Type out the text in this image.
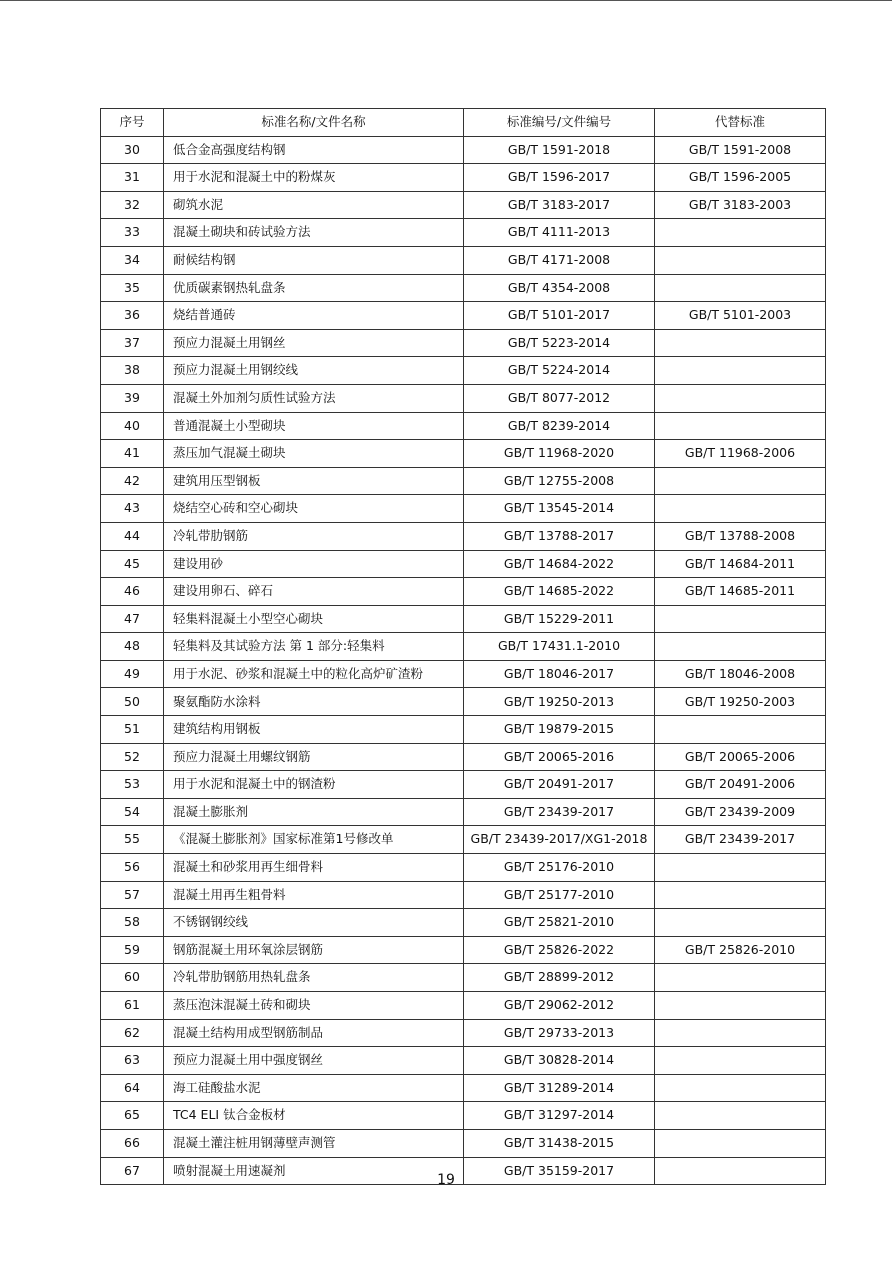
序号	标准名称/文件名称	标准编号/文件编号	代替标准
30	低合金高强度结构钢	GB/T 1591-2018	GB/T 1591-2008
31	用于水泥和混凝土中的粉煤灰	GB/T 1596-2017	GB/T 1596-2005
32	砌筑水泥	GB/T 3183-2017	GB/T 3183-2003
33	混凝土砌块和砖试验方法	GB/T 4111-2013	
34	耐候结构钢	GB/T 4171-2008	
35	优质碳素钢热轧盘条	GB/T 4354-2008	
36	烧结普通砖	GB/T 5101-2017	GB/T 5101-2003
37	预应力混凝土用钢丝	GB/T 5223-2014	
38	预应力混凝土用钢绞线	GB/T 5224-2014	
39	混凝土外加剂匀质性试验方法	GB/T 8077-2012	
40	普通混凝土小型砌块	GB/T 8239-2014	
41	蒸压加气混凝土砌块	GB/T 11968-2020	GB/T 11968-2006
42	建筑用压型钢板	GB/T 12755-2008	
43	烧结空心砖和空心砌块	GB/T 13545-2014	
44	冷轧带肋钢筋	GB/T 13788-2017	GB/T 13788-2008
45	建设用砂	GB/T 14684-2022	GB/T 14684-2011
46	建设用卵石、碎石	GB/T 14685-2022	GB/T 14685-2011
47	轻集料混凝土小型空心砌块	GB/T 15229-2011	
48	轻集料及其试验方法 第 1 部分:轻集料	GB/T 17431.1-2010	
49	用于水泥、砂浆和混凝土中的粒化高炉矿渣粉	GB/T 18046-2017	GB/T 18046-2008
50	聚氨酯防水涂料	GB/T 19250-2013	GB/T 19250-2003
51	建筑结构用钢板	GB/T 19879-2015	
52	预应力混凝土用螺纹钢筋	GB/T 20065-2016	GB/T 20065-2006
53	用于水泥和混凝土中的钢渣粉	GB/T 20491-2017	GB/T 20491-2006
54	混凝土膨胀剂	GB/T 23439-2017	GB/T 23439-2009
55	《混凝土膨胀剂》国家标准第1号修改单	GB/T 23439-2017/XG1-2018	GB/T 23439-2017
56	混凝土和砂浆用再生细骨料	GB/T 25176-2010	
57	混凝土用再生粗骨料	GB/T 25177-2010	
58	不锈钢钢绞线	GB/T 25821-2010	
59	钢筋混凝土用环氧涂层钢筋	GB/T 25826-2022	GB/T 25826-2010
60	冷轧带肋钢筋用热轧盘条	GB/T 28899-2012	
61	蒸压泡沫混凝土砖和砌块	GB/T 29062-2012	
62	混凝土结构用成型钢筋制品	GB/T 29733-2013	
63	预应力混凝土用中强度钢丝	GB/T 30828-2014	
64	海工硅酸盐水泥	GB/T 31289-2014	
65	TC4 ELI 钛合金板材	GB/T 31297-2014	
66	混凝土灌注桩用钢薄壁声测管	GB/T 31438-2015	
67	喷射混凝土用速凝剂	GB/T 35159-2017	
19
